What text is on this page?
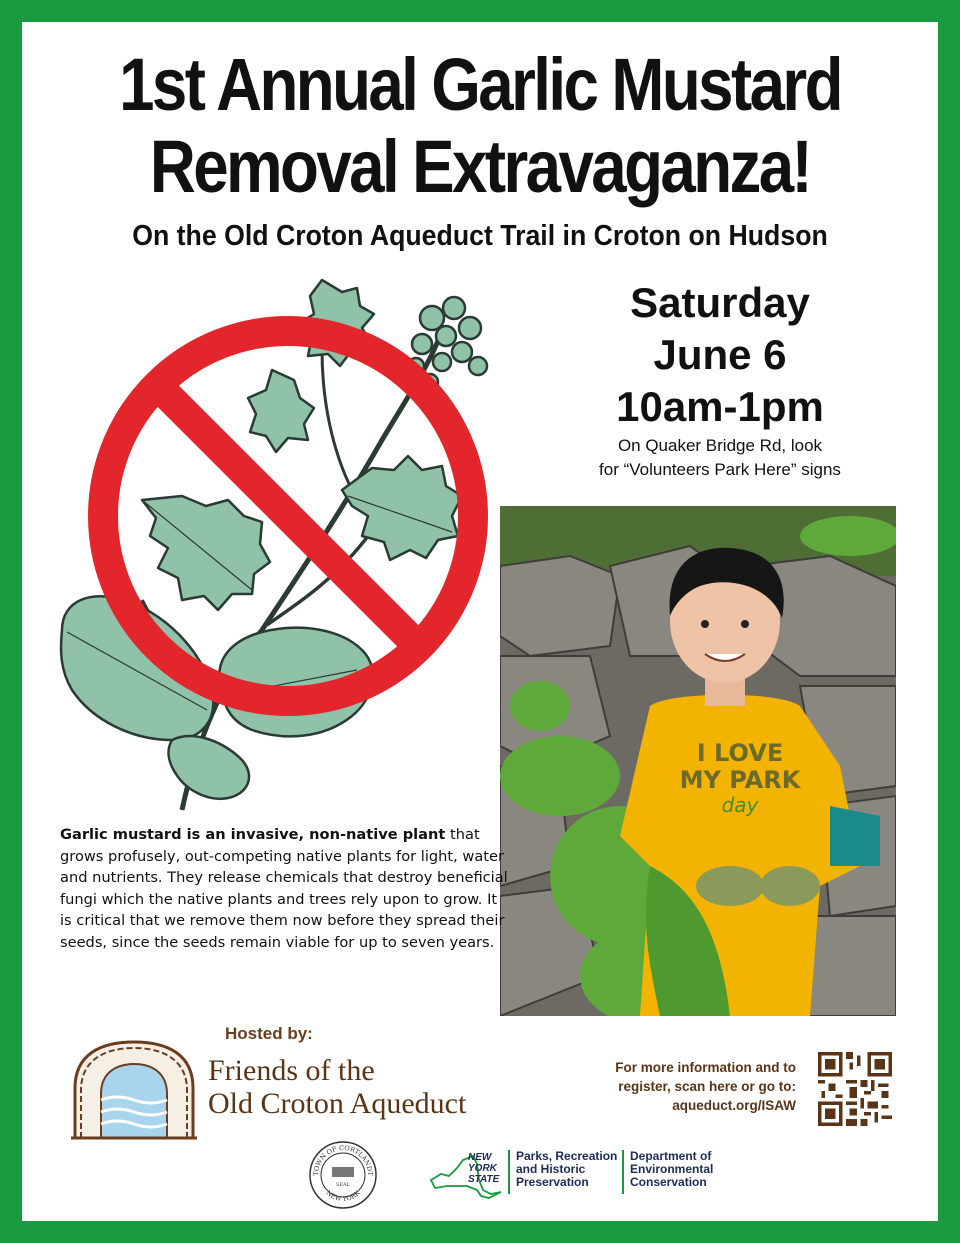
1st Annual Garlic Mustard
Removal Extravaganza!
On the Old Croton Aqueduct Trail in Croton on Hudson
Saturday
June 6
10am-1pm
On Quaker Bridge Rd, look
for “Volunteers Park Here” signs
I LOVE
MY PARK
day
Garlic mustard is an invasive, non-native plant that grows profusely, out-competing native plants for light, water and nutrients. They release chemicals that destroy beneficial fungi which the native plants and trees rely upon to grow. It is critical that we remove them now before they spread their seeds, since the seeds remain viable for up to seven years.
Hosted by:
Friends of the
Old Croton Aqueduct
For more information and to
register, scan here or go to:
aqueduct.org/ISAW
TOWN OF CORTLANDT
NEW YORK
SEAL
NEW
YORK
STATE
Parks, Recreation
and Historic
Preservation
Department of
Environmental
Conservation
